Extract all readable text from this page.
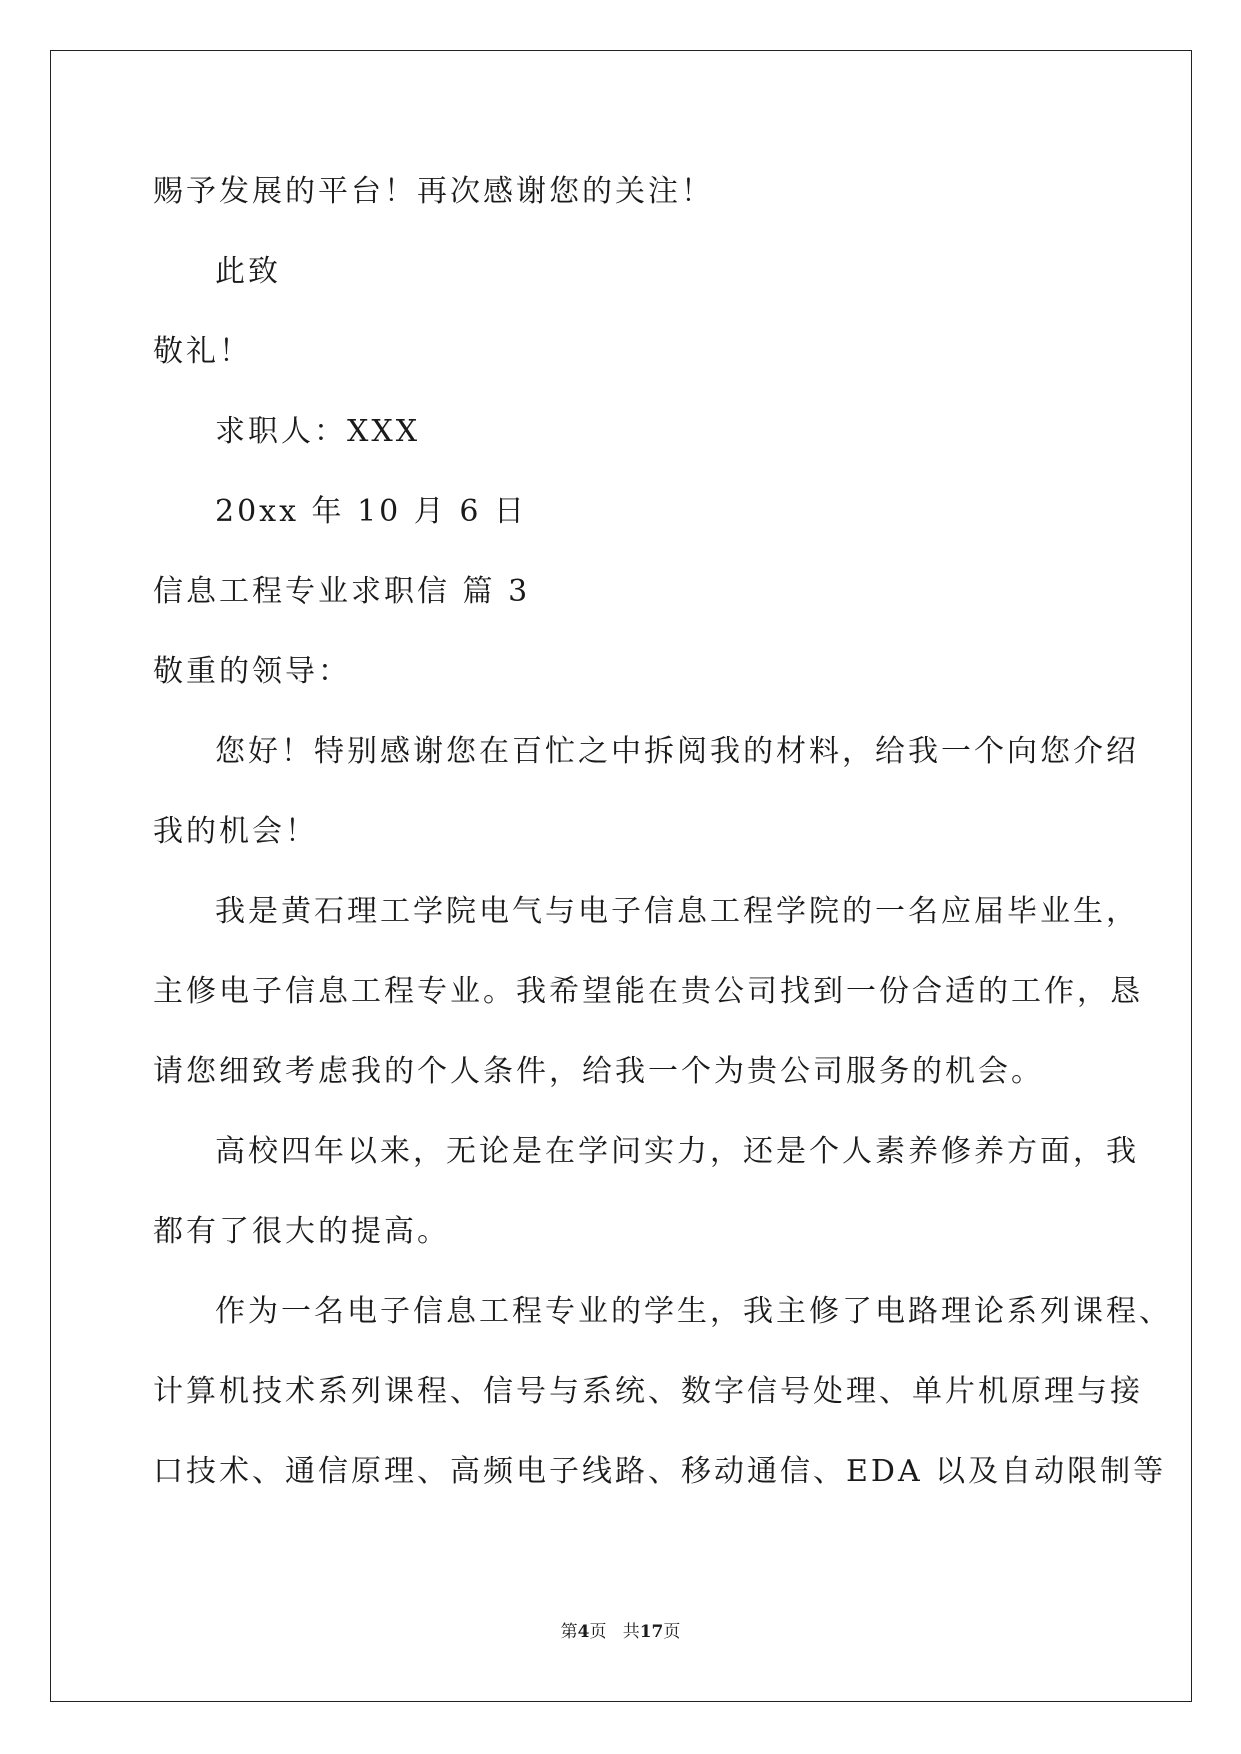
赐予发展的平台！再次感谢您的关注！
此致
敬礼！
求职人：XXX
20xx 年 10 月 6 日
信息工程专业求职信 篇 3
敬重的领导：
您好！特别感谢您在百忙之中拆阅我的材料，给我一个向您介绍
我的机会！
我是黄石理工学院电气与电子信息工程学院的一名应届毕业生，
主修电子信息工程专业。我希望能在贵公司找到一份合适的工作，恳
请您细致考虑我的个人条件，给我一个为贵公司服务的机会。
高校四年以来，无论是在学问实力，还是个人素养修养方面，我
都有了很大的提高。
作为一名电子信息工程专业的学生，我主修了电路理论系列课程、
计算机技术系列课程、信号与系统、数字信号处理、单片机原理与接
口技术、通信原理、高频电子线路、移动通信、EDA 以及自动限制等
第4页 共17页
